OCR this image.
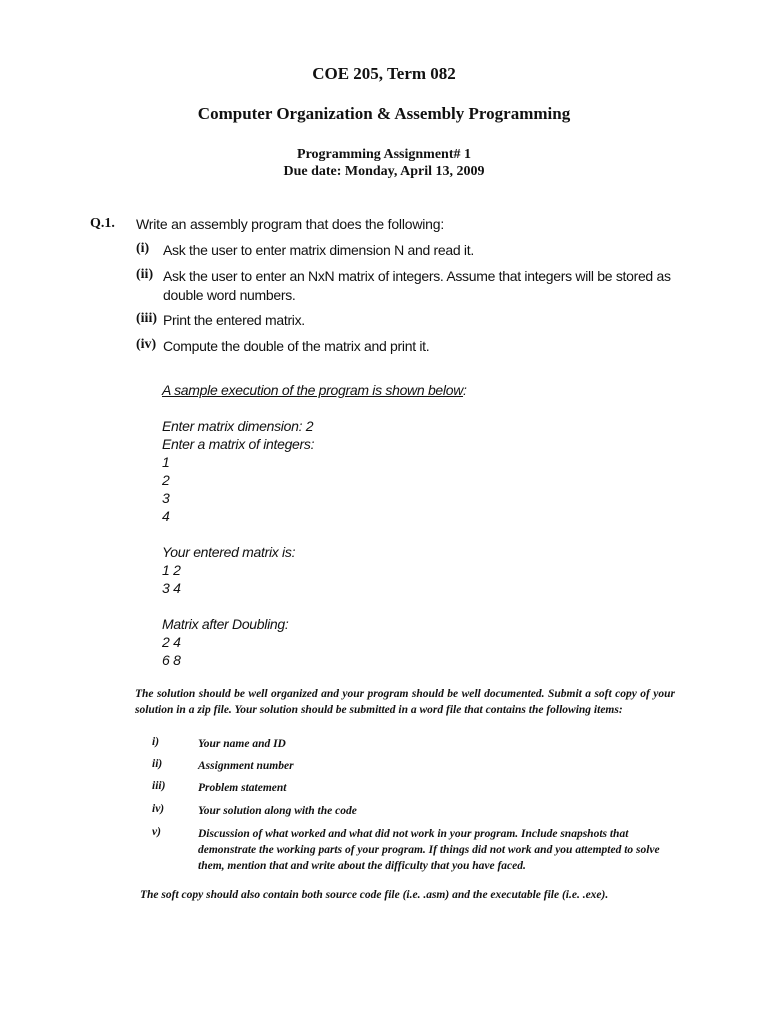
COE 205, Term 082
Computer Organization & Assembly Programming
Programming Assignment# 1
Due date: Monday, April 13, 2009
Q.1. Write an assembly program that does the following:
(i) Ask the user to enter matrix dimension N and read it.
(ii) Ask the user to enter an NxN matrix of integers. Assume that integers will be stored as double word numbers.
(iii) Print the entered matrix.
(iv) Compute the double of the matrix and print it.
A sample execution of the program is shown below:
Enter matrix dimension: 2
Enter a matrix of integers:
1
2
3
4
Your entered matrix is:
1 2
3 4
Matrix after Doubling:
2 4
6 8
The solution should be well organized and your program should be well documented. Submit a soft copy of your solution in a zip file. Your solution should be submitted in a word file that contains the following items:
i)	Your name and ID
ii)	Assignment number
iii)	Problem statement
iv)	Your solution along with the code
v)	Discussion of what worked and what did not work in your program. Include snapshots that demonstrate the working parts of your program. If things did not work and you attempted to solve them, mention that and write about the difficulty that you have faced.
The soft copy should also contain both source code file (i.e. .asm) and the executable file (i.e. .exe).
